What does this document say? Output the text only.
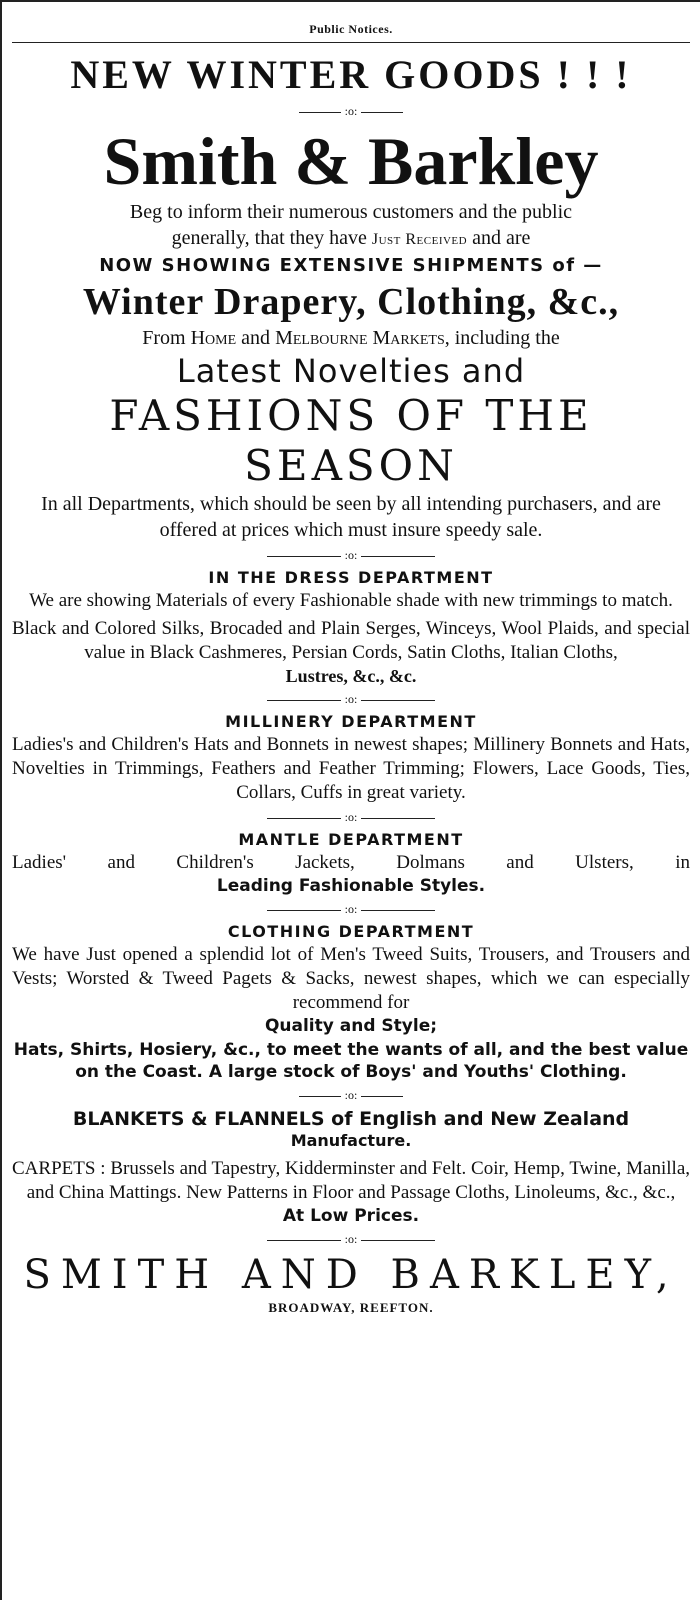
Public Notices.

NEW WINTER GOODS ! ! !

:o:

Smith & Barkley

Beg to inform their numerous customers and the public

generally, that they have Just Received and are

NOW SHOWING EXTENSIVE SHIPMENTS of —

Winter Drapery, Clothing, &c.,

From Home and Melbourne Markets, including the

Latest Novelties and

FASHIONS OF THE SEASON

In all Departments, which should be seen by all intending purchasers, and are offered at prices which must insure speedy sale.

:o:

IN THE DRESS DEPARTMENT

We are showing Materials of every Fashionable shade with new trimmings to match.

Black and Colored Silks, Brocaded and Plain Serges, Winceys, Wool Plaids, and special value in Black Cashmeres, Persian Cords, Satin Cloths, Italian Cloths,

Lustres, &c., &c.

:o:

MILLINERY DEPARTMENT

Ladies's and Children's Hats and Bonnets in newest shapes; Millinery Bonnets and Hats, Novelties in Trimmings, Feathers and Feather Trimming; Flowers, Lace Goods, Ties, Collars, Cuffs in great variety.

:o:

MANTLE DEPARTMENT

Ladies' and Children's Jackets, Dolmans and Ulsters, in

Leading Fashionable Styles.

:o:

CLOTHING DEPARTMENT

We have Just opened a splendid lot of Men's Tweed Suits, Trousers, and Trousers and Vests; Worsted & Tweed Pagets & Sacks, newest shapes, which we can especially recommend for

Quality and Style;

Hats, Shirts, Hosiery, &c., to meet the wants of all, and the best value on the Coast. A large stock of Boys' and Youths' Clothing.

:o:

BLANKETS & FLANNELS of English and New Zealand

Manufacture.

CARPETS : Brussels and Tapestry, Kidderminster and Felt. Coir, Hemp, Twine, Manilla, and China Mattings. New Patterns in Floor and Passage Cloths, Linoleums, &c., &c.,

At Low Prices.

:o:

SMITH AND BARKLEY,

BROADWAY, REEFTON.
